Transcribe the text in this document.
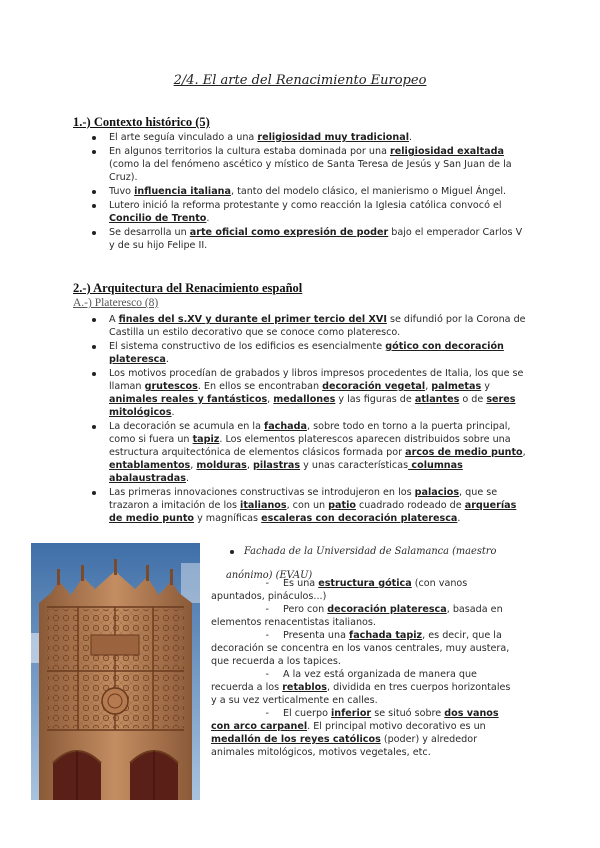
2/4. El arte del Renacimiento Europeo
1.-) Contexto histórico (5)
El arte seguía vinculado a una religiosidad muy tradicional.
En algunos territorios la cultura estaba dominada por una religiosidad exaltada (como la del fenómeno ascético y místico de Santa Teresa de Jesús y San Juan de la Cruz).
Tuvo influencia italiana, tanto del modelo clásico, el manierismo o Miguel Ángel.
Lutero inició la reforma protestante y como reacción la Iglesia católica convocó el Concilio de Trento.
Se desarrolla un arte oficial como expresión de poder bajo el emperador Carlos V y de su hijo Felipe II.
2.-) Arquitectura del Renacimiento español
A.-) Plateresco (8)
A finales del s.XV y durante el primer tercio del XVI se difundió por la Corona de Castilla un estilo decorativo que se conoce como plateresco.
El sistema constructivo de los edificios es esencialmente gótico con decoración plateresca.
Los motivos procedían de grabados y libros impresos procedentes de Italia, los que se llaman grutescos. En ellos se encontraban decoración vegetal, palmetas y animales reales y fantásticos, medallones y las figuras de atlantes o de seres mitológicos.
La decoración se acumula en la fachada, sobre todo en torno a la puerta principal, como si fuera un tapiz. Los elementos platerescos aparecen distribuidos sobre una estructura arquitectónica de elementos clásicos formada por arcos de medio punto, entablamentos, molduras, pilastras y unas características columnas abalaustradas.
Las primeras innovaciones constructivas se introdujeron en los palacios, que se trazaron a imitación de los italianos, con un patio cuadrado rodeado de arquerías de medio punto y magníficas escaleras con decoración plateresca.
Fachada de la Universidad de Salamanca (maestro anónimo) (EVAU)

- Es una estructura gótica (con vanos apuntados, pináculos...)

- Pero con decoración plateresca, basada en elementos renacentistas italianos.

- Presenta una fachada tapiz, es decir, que la decoración se concentra en los vanos centrales, muy austera, que recuerda a los tapices.

- A la vez está organizada de manera que recuerda a los retablos, dividida en tres cuerpos horizontales y a su vez verticalmente en calles.

- El cuerpo inferior se situó sobre dos vanos con arco carpanel. El principal motivo decorativo es un medallón de los reyes católicos (poder) y alrededor animales mitológicos, motivos vegetales, etc.
